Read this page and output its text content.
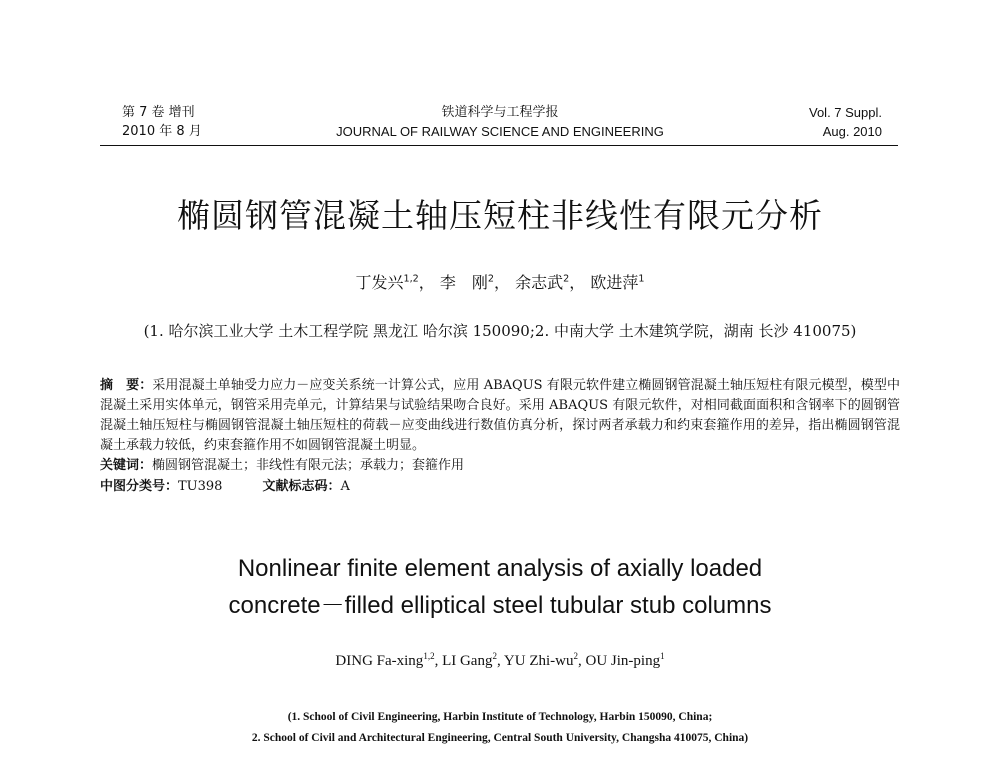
第 7 卷 增刊
2010 年 8 月
铁道科学与工程学报
JOURNAL OF RAILWAY SCIENCE AND ENGINEERING
Vol. 7 Suppl.
Aug. 2010
椭圆钢管混凝土轴压短柱非线性有限元分析
丁发兴$^{1,2}$， 李　刚$^2$， 余志武$^2$， 欧进萍$^1$
(1. 哈尔滨工业大学 土木工程学院 黑龙江 哈尔滨 150090;2. 中南大学 土木建筑学院，湖南 长沙 410075)
摘　要：采用混凝土单轴受力应力－应变关系统一计算公式，应用 ABAQUS 有限元软件建立椭圆钢管混凝土轴压短柱有限元模型，模型中混凝土采用实体单元，钢管采用壳单元，计算结果与试验结果吻合良好。采用 ABAQUS 有限元软件，对相同截面面积和含钢率下的圆钢管混凝土轴压短柱与椭圆钢管混凝土轴压短柱的荷载－应变曲线进行数值仿真分析，探讨两者承载力和约束套箍作用的差异，指出椭圆钢管混凝土承载力较低，约束套箍作用不如圆钢管混凝土明显。
关键词：椭圆钢管混凝土；非线性有限元法；承载力；套箍作用
中图分类号：TU398	文献标志码：A
Nonlinear finite element analysis of axially loaded
concrete－filled elliptical steel tubular stub columns
DING Fa-xing$^{1,2}$, LI Gang$^2$, YU Zhi-$wu^2$, OU Jin-ping$^1$
(1. School of Civil Engineering, Harbin Institute of Technology, Harbin 150090, China;
2. School of Civil and Architectural Engineering, Central South University, Changsha 410075, China)
